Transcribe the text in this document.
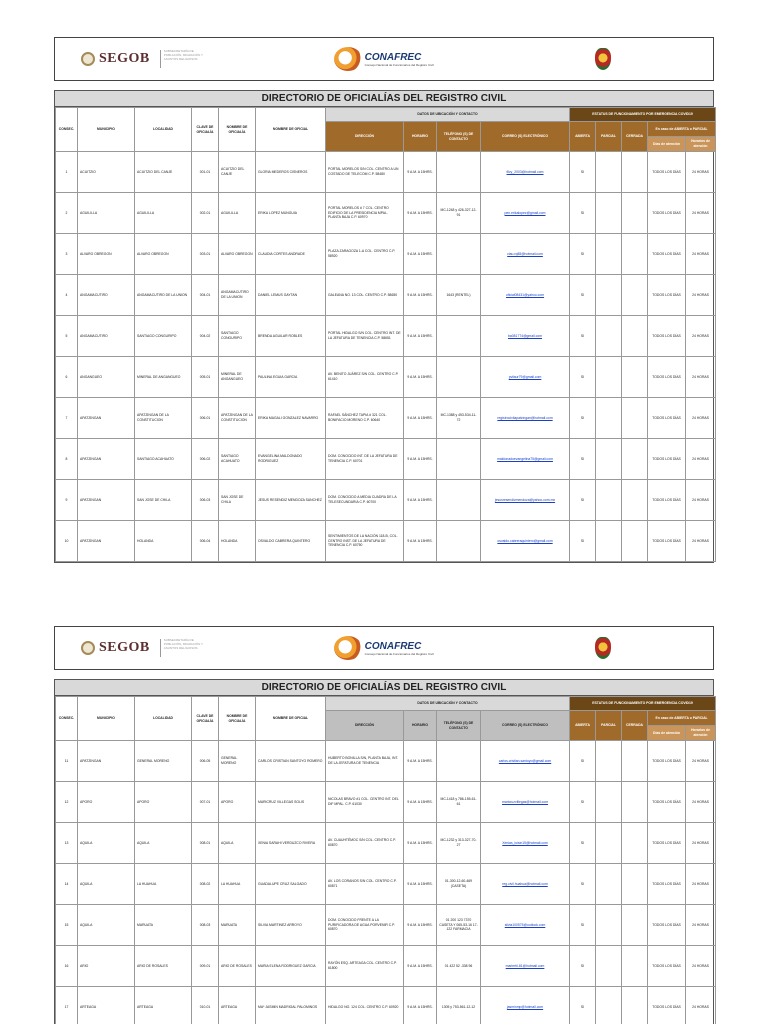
SEGOB	SUBSECRETARÍA DE POBLACIÓN, MIGRACIÓN Y ASUNTOS RELIGIOSOS	CONAFREC
Consejo Nacional de Funcionarios del Registro Civil
DIRECTORIO DE OFICIALÍAS DEL REGISTRO CIVIL
CONSEC.	MUNICIPIO	LOCALIDAD	CLAVE DE OFICIALÍA	NOMBRE DE OFICIALÍA	NOMBRE DE OFICIAL	DATOS DE UBICACIÓN Y CONTACTO				ESTATUS DE FUNCIONAMIENTO POR EMERGENCIA COVID19				
						DIRECCIÓN	HORARIO	TELÉFONO (S) DE CONTACTO	CORREO (S) ELECTRÓNICO	ABIERTA	PARCIAL	CERRADA	En caso de ABIERTA o PARCIAL	
													Días de atención	Horarios de atención
1	ACUITZIO	ACUITZIO DEL CANJE	001-01	ACUITZIO DEL CANJE	GLORIA MEDEROS CISNEROS	PORTAL MORELOS S/N COL. CENTRO A UN COSTADO DE TELECOM C.P. 58480	9 A.M. A 15HRS.		filzy_2003@hotmail.com	SI			TODOS LOS DÍAS	24 HORAS
2	AGUILILLA	AGUILILLA	002-01	AGUILILLA	ERIKA LOPEZ MUNGUIA	PORTAL MORELOS # 7 COL. CENTRO EDIFICIO DE LA PRESIDENCIA MPAL. PLANTA BAJA C.P. 60970	9 A.M. A 15HRS.	MC-1248 y 426-327-12-91	pen.erikalopez@gmail.com	SI			TODOS LOS DÍAS	24 HORAS
3	ALVARO OBREGON	ALVARO OBREGON	003-01	ALVARO OBREGON	CLAUDIA CORTES ANDRADE	PLAZA ZARAGOZA 1-A COL. CENTRO C.P. 58920	9 A.M. A 15HRS.		clau.rq88@hotmail.com	SI			TODOS LOS DÍAS	24 HORAS
4	ANGAMACUTIRO	ANGAMACUTIRO DE LA UNION	004-01	ANGAMACUTIRO DE LA UNION	DANIEL LEMUS GAYTAN	GALEANA NO. 13 COL. CENTRO C.P. 58650	9 A.M. A 15HRS.	1643 (RENTEL)	oficial08431@yahoo.com	SI			TODOS LOS DÍAS	24 HORAS
5	ANGAMACUTIRO	SANTIAGO CONGURIPO	004-02	SANTIAGO CONGURIPO	BRENDA AGUILAR ROBLES	PORTAL HIDALGO S/N COL. CENTRO INT. DE LA JEFATURA DE TENENCIA C.P. 58651	9 A.M. A 15HRS.		ba081774@gmail.com	SI			TODOS LOS DÍAS	24 HORAS
6	ANGANGUEO	MINERAL DE ANGANGUEO	005-01	MINERAL DE ANGANGUEO	PAULINA EGUIA GARCIA	AV. BENITO JUÁREZ S/N COL. CENTRO C.P. 61410	9 A.M. A 15HRS.		pvilaur79@gmail.com	SI			TODOS LOS DÍAS	24 HORAS
7	APATZINGAN	APATZINGAN DE LA CONSTITUCION	006-01	APATZINGAN DE LA CONSTITUCION	ERIKA MAGALI GONZALEZ NAVARRO	RAFAEL SÁNCHEZ TAPIA # 321 COL. BONIFACIO MORENO C.P. 60640	9 A.M. A 15HRS.	MC-1388 y 453-534-11-72	registrocivilapatzingan@hotmail.com	SI			TODOS LOS DÍAS	24 HORAS
8	APATZINGAN	SANTIAGO ACAHUATO	006-02	SANTIAGO ACAHUATO	EVANGELINA MALDONADO RODRIGUEZ	DOM. CONOCIDO INT. DE LA JEFATURA DE TENENCIA C.P. 60701	9 A.M. A 15HRS.		maldonadoevangelina75@gmail.com	SI			TODOS LOS DÍAS	24 HORAS
9	APATZINGAN	SAN JOSE DE CHILA	006-03	SAN JOSE DE CHILA	JESUS RESENDIZ MENDOZA SANCHEZ	DOM. CONOCIDO A MEDIA CUADRA DE LA TELESECUNDARIA C.P. 60700	9 A.M. A 15HRS.		jesusresendizmendoza@yahoo.com.mx	SI			TODOS LOS DÍAS	24 HORAS
10	APATZINGAN	HOLANDA	006-04	HOLANDA	OSVALDO CABRERA QUINTERO	SENTIMIENTOS DE LA NACIÓN 118-B, COL. CENTRO INST. DE LA JEFATURA DE TENENCIA C.P. 60750	9 A.M. A 15HRS.		osvaldo.cabreraquintero@gmail.com	SI			TODOS LOS DÍAS	24 HORAS
SEGOB	SUBSECRETARÍA DE POBLACIÓN, MIGRACIÓN Y ASUNTOS RELIGIOSOS	CONAFREC
Consejo Nacional de Funcionarios del Registro Civil
DIRECTORIO DE OFICIALÍAS DEL REGISTRO CIVIL
CONSEC.	MUNICIPIO	LOCALIDAD	CLAVE DE OFICIALÍA	NOMBRE DE OFICIALÍA	NOMBRE DE OFICIAL	DATOS DE UBICACIÓN Y CONTACTO				ESTATUS DE FUNCIONAMIENTO POR EMERGENCIA COVID19				
						DIRECCIÓN	HORARIO	TELÉFONO (S) DE CONTACTO	CORREO (S) ELECTRÓNICO	ABIERTA	PARCIAL	CERRADA	En caso de ABIERTA o PARCIAL	
													Días de atención	Horarios de atención
11	APATZINGAN	GENERAL MORENO	006-05	GENERAL MORENO	CARLOS CRISTIAN SANTOYO ROMERO	HUBERTO BONILLA S/N, PLANTA BAJA, INT. DE LA JEFATURA DE TENENCIA	9 A.M. A 15HRS.		carlos.cristian.santoyo@gmail.com	SI			TODOS LOS DÍAS	24 HORAS
12	APORO	APORO	007-01	APORO	MARICRUZ VILLEGAS SOLIS	NICOLAS BRAVO #1 COL. CENTRO INT. DEL DIF MPAL. C.P. 61030	9 A.M. A 15HRS.	MC-1418 y 786-155-61-61	maricruzvillegas@hotmail.com	SI			TODOS LOS DÍAS	24 HORAS
13	AQUILA	AQUILA	008-01	AQUILA	XENIA SARAHI VERDUZCO RIVERA	AV. CUAUHTÉMOC S/N COL. CENTRO C.P. 60870	9 A.M. A 15HRS.	MC-1232 y 313-327-70-27	Xenias_luisin15@hotmail.com	SI			TODOS LOS DÍAS	24 HORAS
14	AQUILA	LA HUAHUA	008-02	LA HUAHUA	GUADALUPE CRUZ SALGADO	AV. LOS CORANOS S/N COL. CENTRO C.P. 60871	9 A.M. A 15HRS.	01-300-12-60-469 (CASETA)	reg.civil.huahua@hotmail.com	SI			TODOS LOS DÍAS	24 HORAS
15	AQUILA	MARUATA	008-03	MARUATA	SILVIA MARTINEZ ARROYO	DOM. CONOCIDO FRENTE A LA PURIFICADORA DE AGUA PORVENIR C.P. 60870	9 A.M. A 15HRS.	01 200 123 7370 CASETA Y 065-53-16 17-122 FARMACIA	silvia100575@outlook.com	SI			TODOS LOS DÍAS	24 HORAS
16	ARIO	ARIO DE ROSALES	009-01	ARIO DE ROSALES	MARIA ELENA RODRIGUEZ GARCIA	RAYÓN ESQ. ARTEAGA COL. CENTRO C.P. 61800	9 A.M. A 15HRS.	01 422 52 -338 96	mariertil-81@hotmail.com	SI			TODOS LOS DÍAS	24 HORAS
17	ARTEAGA	ARTEAGA	010-01	ARTEAGA	MA* JASMIN MADRIGAL PALOMINOS	HIDALGO NO. 124 COL. CENTRO C.P. 60920	9 A.M. A 15HRS.	1305 y 753-561-12-12	jasminmp@hotmail.com	SI			TODOS LOS DÍAS	24 HORAS
